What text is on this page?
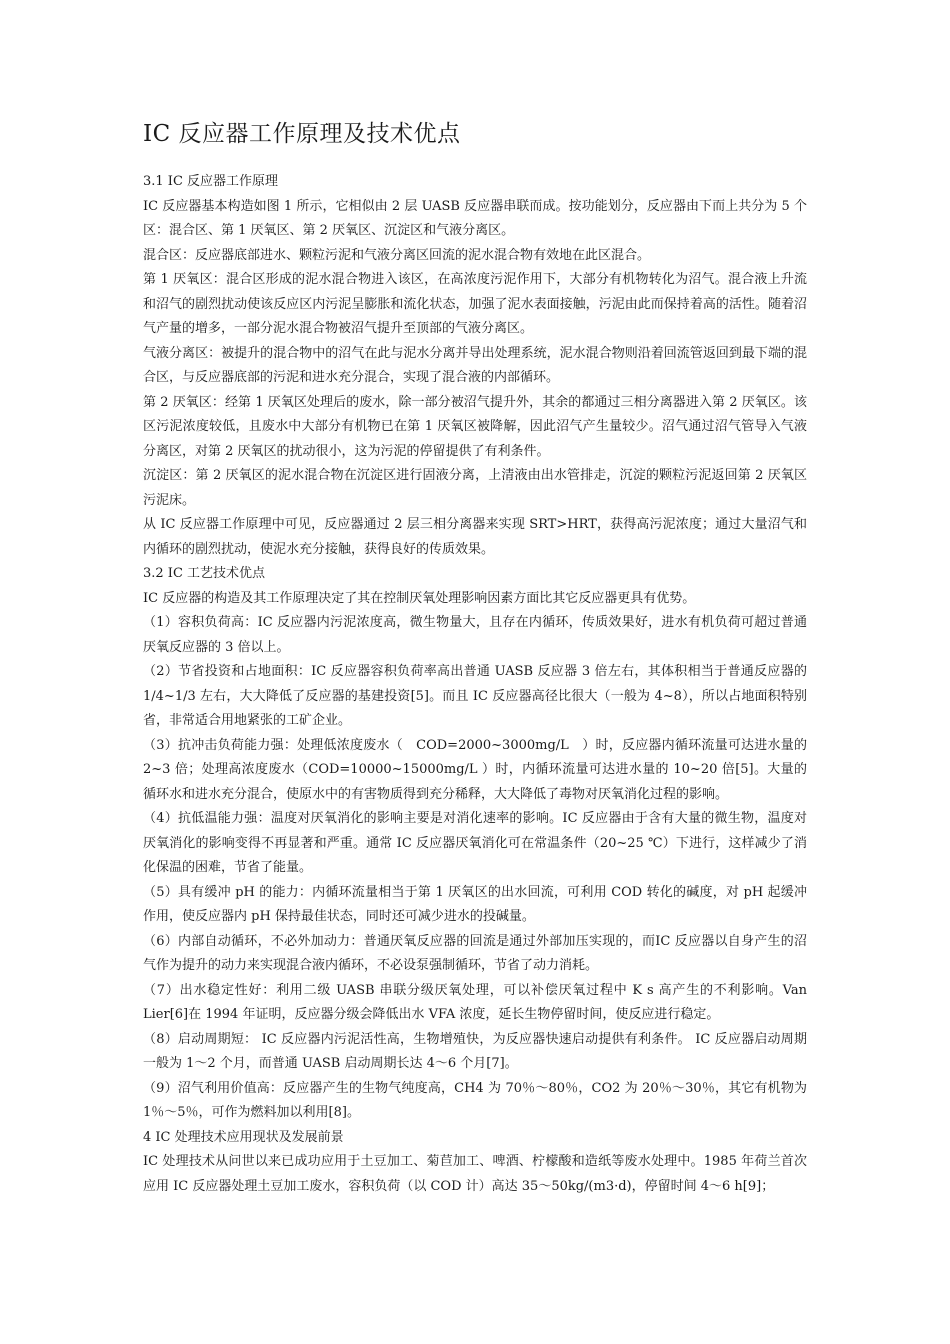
IC 反应器工作原理及技术优点

3.1 IC 反应器工作原理

IC 反应器基本构造如图 1 所示，它相似由 2 层 UASB 反应器串联而成。按功能划分，反应器由下而上共分为 5 个区：混合区、第 1 厌氧区、第 2 厌氧区、沉淀区和气液分离区。

混合区：反应器底部进水、颗粒污泥和气液分离区回流的泥水混合物有效地在此区混合。

第 1 厌氧区：混合区形成的泥水混合物进入该区，在高浓度污泥作用下，大部分有机物转化为沼气。混合液上升流和沼气的剧烈扰动使该反应区内污泥呈膨胀和流化状态，加强了泥水表面接触，污泥由此而保持着高的活性。随着沼气产量的增多，一部分泥水混合物被沼气提升至顶部的气液分离区。

气液分离区：被提升的混合物中的沼气在此与泥水分离并导出处理系统，泥水混合物则沿着回流管返回到最下端的混合区，与反应器底部的污泥和进水充分混合，实现了混合液的内部循环。

第 2 厌氧区：经第 1 厌氧区处理后的废水，除一部分被沼气提升外，其余的都通过三相分离器进入第 2 厌氧区。该区污泥浓度较低，且废水中大部分有机物已在第 1 厌氧区被降解，因此沼气产生量较少。沼气通过沼气管导入气液分离区，对第 2 厌氧区的扰动很小，这为污泥的停留提供了有利条件。

沉淀区：第 2 厌氧区的泥水混合物在沉淀区进行固液分离，上清液由出水管排走，沉淀的颗粒污泥返回第 2 厌氧区污泥床。

从 IC 反应器工作原理中可见，反应器通过 2 层三相分离器来实现 SRT>HRT，获得高污泥浓度；通过大量沼气和内循环的剧烈扰动，使泥水充分接触，获得良好的传质效果。

3.2 IC 工艺技术优点

IC 反应器的构造及其工作原理决定了其在控制厌氧处理影响因素方面比其它反应器更具有优势。

（1）容积负荷高：IC 反应器内污泥浓度高，微生物量大，且存在内循环，传质效果好，进水有机负荷可超过普通厌氧反应器的 3 倍以上。

（2）节省投资和占地面积：IC 反应器容积负荷率高出普通 UASB 反应器 3 倍左右，其体积相当于普通反应器的 1/4~1/3 左右，大大降低了反应器的基建投资[5]。而且 IC 反应器高径比很大（一般为 4~8），所以占地面积特别省，非常适合用地紧张的工矿企业。

（3）抗冲击负荷能力强：处理低浓度废水（　COD=2000~3000mg/L　）时，反应器内循环流量可达进水量的 2~3 倍；处理高浓度废水（COD=10000~15000mg/L ）时，内循环流量可达进水量的 10~20 倍[5]。大量的循环水和进水充分混合，使原水中的有害物质得到充分稀释，大大降低了毒物对厌氧消化过程的影响。

（4）抗低温能力强：温度对厌氧消化的影响主要是对消化速率的影响。IC 反应器由于含有大量的微生物，温度对厌氧消化的影响变得不再显著和严重。通常 IC 反应器厌氧消化可在常温条件（20~25 ℃）下进行，这样减少了消化保温的困难，节省了能量。

（5）具有缓冲 pH 的能力：内循环流量相当于第 1 厌氧区的出水回流，可利用 COD 转化的碱度，对 pH 起缓冲作用，使反应器内 pH 保持最佳状态，同时还可减少进水的投碱量。

（6）内部自动循环，不必外加动力：普通厌氧反应器的回流是通过外部加压实现的，而IC 反应器以自身产生的沼气作为提升的动力来实现混合液内循环，不必设泵强制循环，节省了动力消耗。

（7）出水稳定性好：利用二级 UASB 串联分级厌氧处理，可以补偿厌氧过程中 K s 高产生的不利影响。Van Lier[6]在 1994 年证明，反应器分级会降低出水 VFA 浓度，延长生物停留时间，使反应进行稳定。

（8）启动周期短： IC 反应器内污泥活性高，生物增殖快，为反应器快速启动提供有利条件。 IC 反应器启动周期一般为 1～2 个月，而普通 UASB 启动周期长达 4～6 个月[7]。

（9）沼气利用价值高：反应器产生的生物气纯度高，CH4 为 70％～80％，CO2 为 20％～30％，其它有机物为 1％～5％，可作为燃料加以利用[8]。

4 IC 处理技术应用现状及发展前景

IC 处理技术从问世以来已成功应用于土豆加工、菊苣加工、啤酒、柠檬酸和造纸等废水处理中。1985 年荷兰首次应用 IC 反应器处理土豆加工废水，容积负荷（以 COD 计）高达 35～50kg/(m3·d)，停留时间 4～6 h[9]；
